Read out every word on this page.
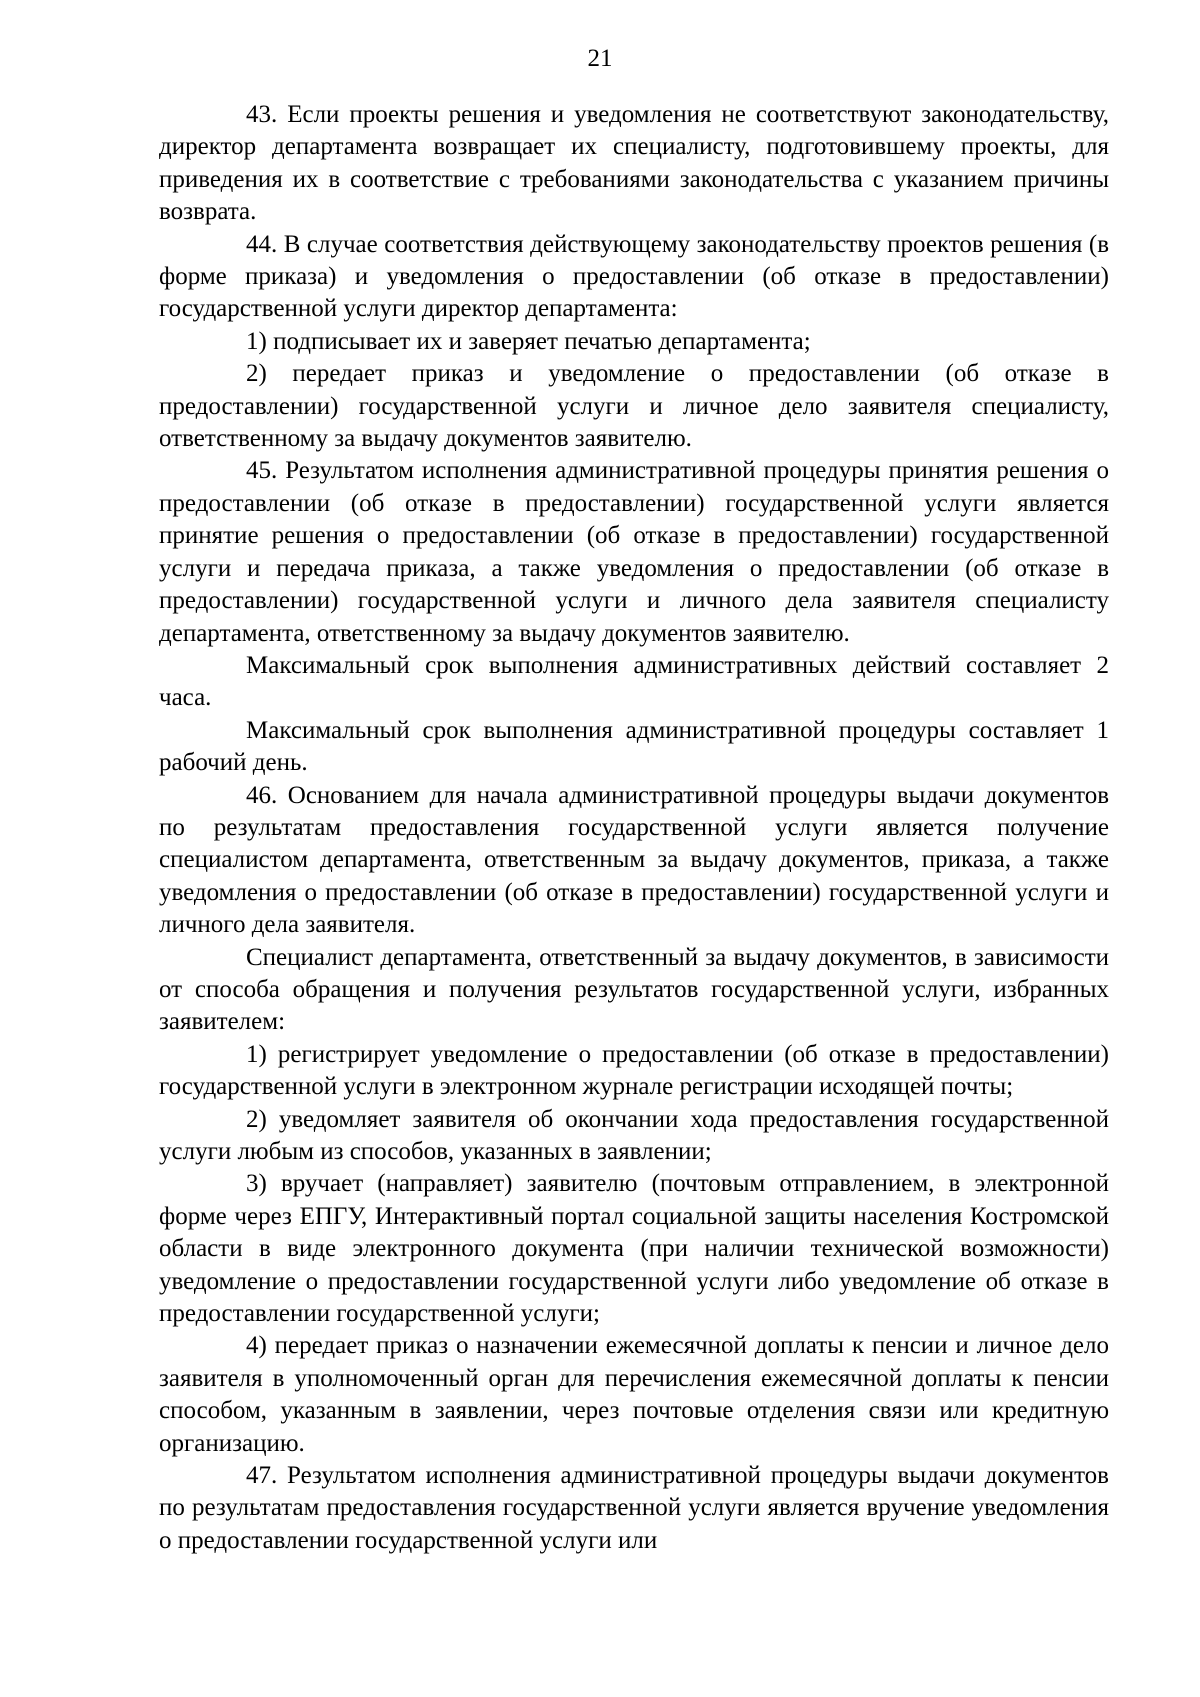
21

43. Если проекты решения и уведомления не соответствуют законодательству, директор департамента возвращает их специалисту, подготовившему проекты, для приведения их в соответствие с требованиями законодательства с указанием причины возврата.

44. В случае соответствия действующему законодательству проектов решения (в форме приказа) и уведомления о предоставлении (об отказе в предоставлении) государственной услуги директор департамента:

1) подписывает их и заверяет печатью департамента;

2) передает приказ и уведомление о предоставлении (об отказе в предоставлении) государственной услуги и личное дело заявителя специалисту, ответственному за выдачу документов заявителю.

45. Результатом исполнения административной процедуры принятия решения о предоставлении (об отказе в предоставлении) государственной услуги является принятие решения о предоставлении (об отказе в предоставлении) государственной услуги и передача приказа, а также уведомления о предоставлении (об отказе в предоставлении) государственной услуги и личного дела заявителя специалисту департамента, ответственному за выдачу документов заявителю.

Максимальный срок выполнения административных действий составляет 2 часа.

Максимальный срок выполнения административной процедуры составляет 1 рабочий день.

46. Основанием для начала административной процедуры выдачи документов по результатам предоставления государственной услуги является получение специалистом департамента, ответственным за выдачу документов, приказа, а также уведомления о предоставлении (об отказе в предоставлении) государственной услуги и личного дела заявителя.

Специалист департамента, ответственный за выдачу документов, в зависимости от способа обращения и получения результатов государственной услуги, избранных заявителем:

1) регистрирует уведомление о предоставлении (об отказе в предоставлении) государственной услуги в электронном журнале регистрации исходящей почты;

2) уведомляет заявителя об окончании хода предоставления государственной услуги любым из способов, указанных в заявлении;

3) вручает (направляет) заявителю (почтовым отправлением, в электронной форме через ЕПГУ, Интерактивный портал социальной защиты населения Костромской области в виде электронного документа (при наличии технической возможности) уведомление о предоставлении государственной услуги либо уведомление об отказе в предоставлении государственной услуги;

4) передает приказ о назначении ежемесячной доплаты к пенсии и личное дело заявителя в уполномоченный орган для перечисления ежемесячной доплаты к пенсии способом, указанным в заявлении, через почтовые отделения связи или кредитную организацию.

47. Результатом исполнения административной процедуры выдачи документов по результатам предоставления государственной услуги является вручение уведомления о предоставлении государственной услуги или
